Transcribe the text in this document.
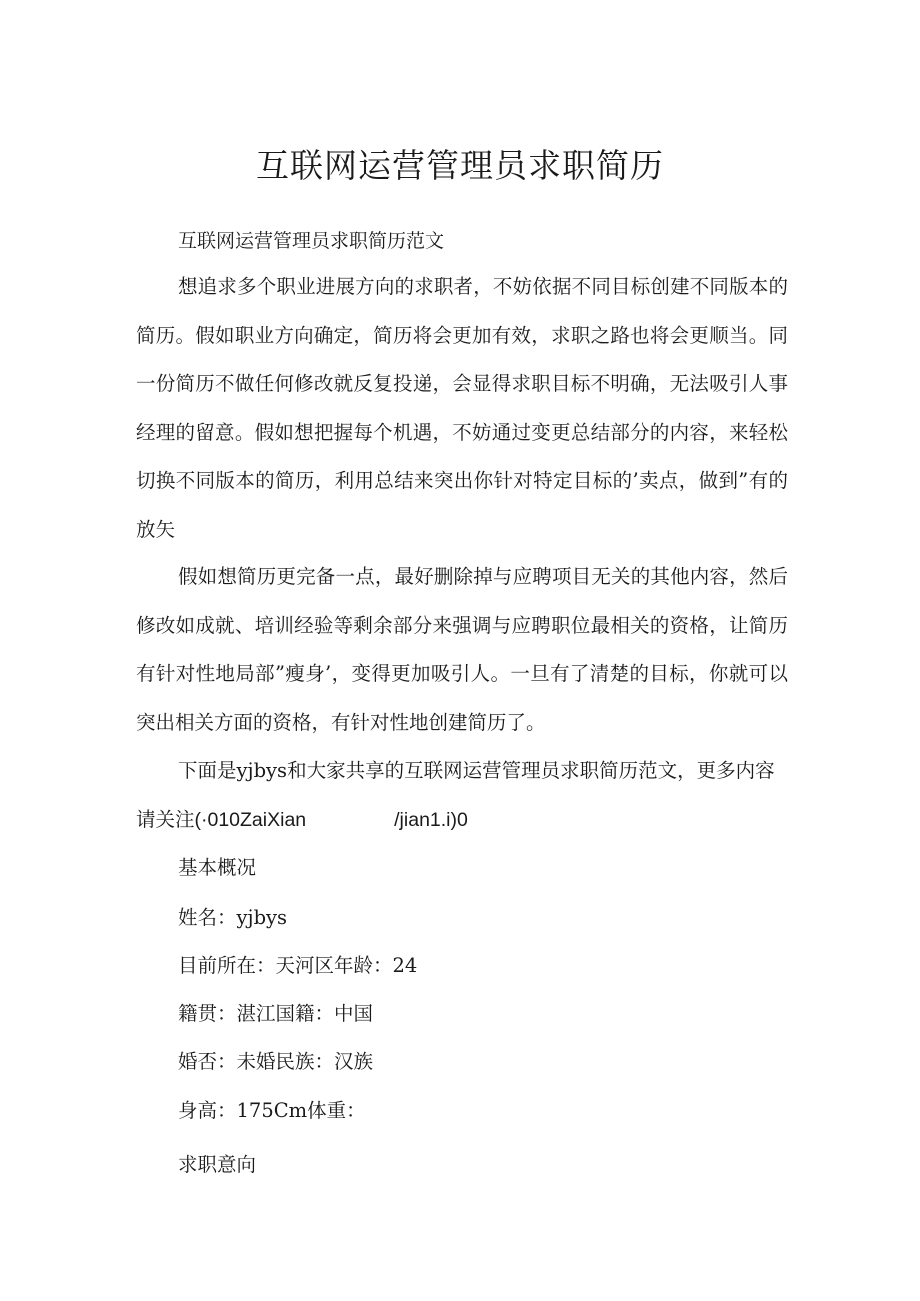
互联网运营管理员求职简历

互联网运营管理员求职简历范文

想追求多个职业进展方向的求职者，不妨依据不同目标创建不同版本的简历。假如职业方向确定，简历将会更加有效，求职之路也将会更顺当。同一份简历不做任何修改就反复投递，会显得求职目标不明确，无法吸引人事经理的留意。假如想把握每个机遇，不妨通过变更总结部分的内容，来轻松切换不同版本的简历，利用总结来突出你针对特定目标的’卖点，做到”有的放矢

假如想简历更完备一点，最好删除掉与应聘项目无关的其他内容，然后修改如成就、培训经验等剩余部分来强调与应聘职位最相关的资格，让简历有针对性地局部”瘦身’，变得更加吸引人。一旦有了清楚的目标，你就可以突出相关方面的资格，有针对性地创建简历了。

下面是yjbys和大家共享的互联网运营管理员求职简历范文，更多内容
请关注(·010ZaiXian	/jian1.i)0

基本概况

姓名：yjbys

目前所在：天河区年龄：24

籍贯：湛江国籍：中国

婚否：未婚民族：汉族

身高：175Cm体重：

求职意向
